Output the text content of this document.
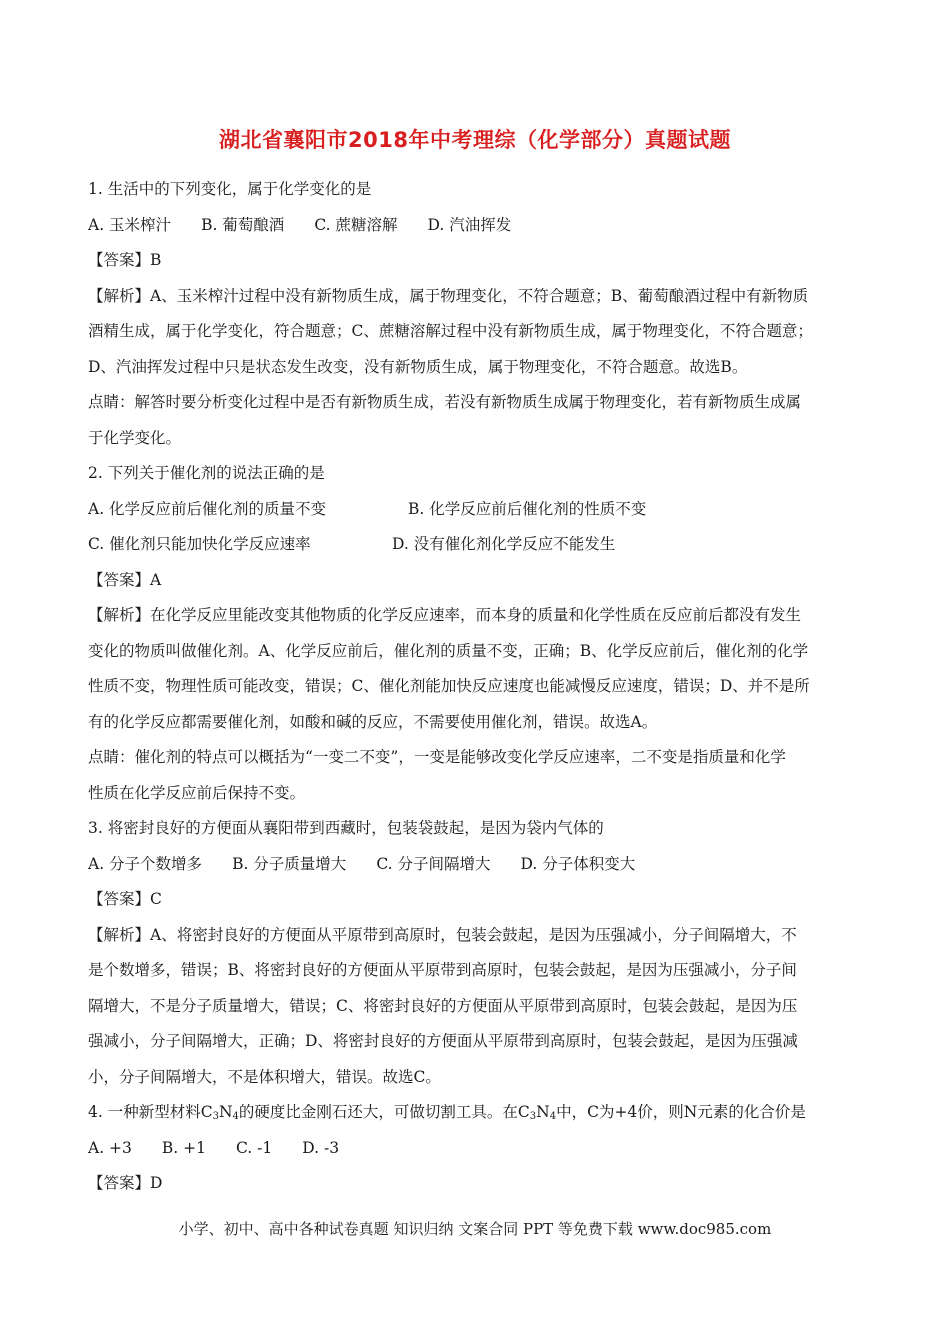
湖北省襄阳市2018年中考理综（化学部分）真题试题
1. 生活中的下列变化，属于化学变化的是
A. 玉米榨汁 B. 葡萄酿酒 C. 蔗糖溶解 D. 汽油挥发
【答案】B
【解析】A、玉米榨汁过程中没有新物质生成，属于物理变化，不符合题意；B、葡萄酿酒过程中有新物质
酒精生成，属于化学变化，符合题意；C、蔗糖溶解过程中没有新物质生成，属于物理变化，不符合题意；
D、汽油挥发过程中只是状态发生改变，没有新物质生成，属于物理变化，不符合题意。故选B。
点睛：解答时要分析变化过程中是否有新物质生成，若没有新物质生成属于物理变化，若有新物质生成属
于化学变化。
2. 下列关于催化剂的说法正确的是
A. 化学反应前后催化剂的质量不变	B. 化学反应前后催化剂的性质不变
C. 催化剂只能加快化学反应速率	D. 没有催化剂化学反应不能发生
【答案】A
【解析】在化学反应里能改变其他物质的化学反应速率，而本身的质量和化学性质在反应前后都没有发生
变化的物质叫做催化剂。A、化学反应前后，催化剂的质量不变，正确；B、化学反应前后，催化剂的化学
性质不变，物理性质可能改变，错误；C、催化剂能加快反应速度也能减慢反应速度，错误；D、并不是所
有的化学反应都需要催化剂，如酸和碱的反应，不需要使用催化剂，错误。故选A。
点睛：催化剂的特点可以概括为“一变二不变”，一变是能够改变化学反应速率，二不变是指质量和化学
性质在化学反应前后保持不变。
3. 将密封良好的方便面从襄阳带到西藏时，包装袋鼓起，是因为袋内气体的
A. 分子个数增多 B. 分子质量增大 C. 分子间隔增大 D. 分子体积变大
【答案】C
【解析】A、将密封良好的方便面从平原带到高原时，包装会鼓起，是因为压强减小，分子间隔增大，不
是个数增多，错误；B、将密封良好的方便面从平原带到高原时，包装会鼓起，是因为压强减小，分子间
隔增大，不是分子质量增大，错误；C、将密封良好的方便面从平原带到高原时，包装会鼓起，是因为压
强减小，分子间隔增大，正确；D、将密封良好的方便面从平原带到高原时，包装会鼓起，是因为压强减
小，分子间隔增大，不是体积增大，错误。故选C。
4. 一种新型材料$C_3N_4$的硬度比金刚石还大，可做切割工具。在$C_3N_4$中，C为+4价，则N元素的化合价是
A. +3 B. +1 C. -1 D. -3
【答案】D
小学、初中、高中各种试卷真题 知识归纳 文案合同 PPT 等免费下载 www.doc985.com
